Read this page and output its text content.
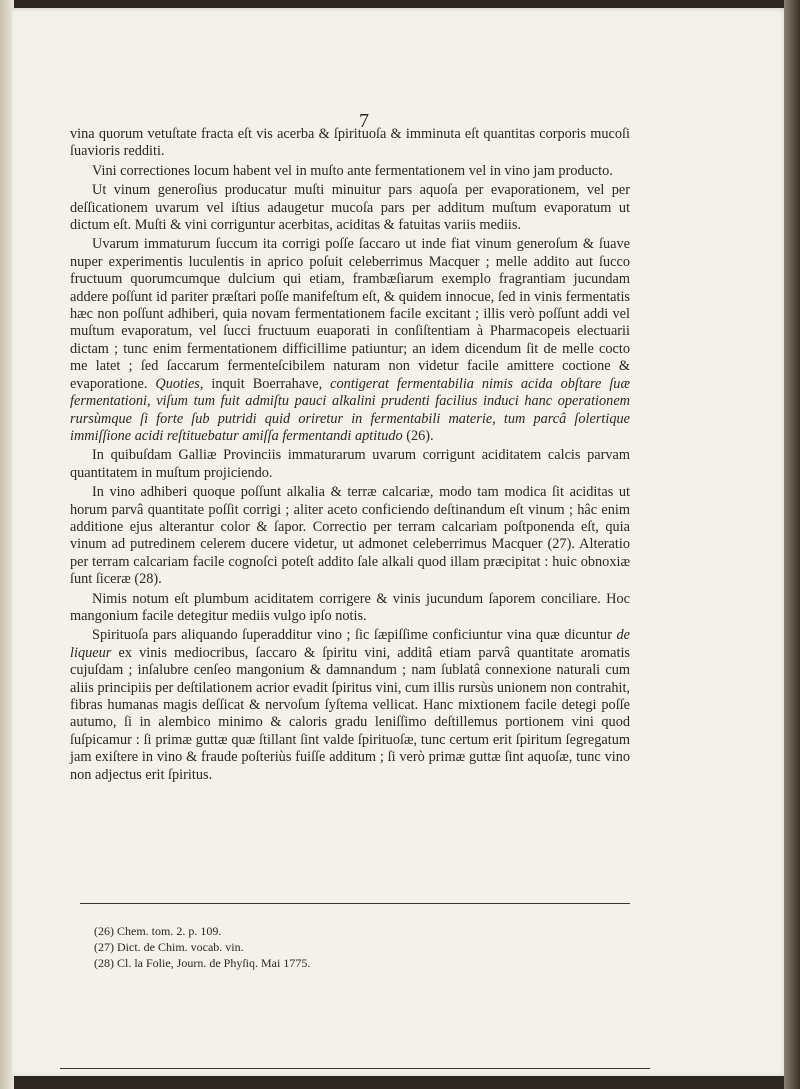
7

vina quorum vetuſtate fracta eſt vis acerba & ſpirituoſa & imminuta eſt quantitas corporis mucoſi ſuavioris redditi.

Vini correctiones locum habent vel in muſto ante fermentationem vel in vino jam producto.

Ut vinum generoſius producatur muſti minuitur pars aquoſa per evaporationem, vel per deſſicationem uvarum vel iſtius adaugetur mucoſa pars per additum muſtum evaporatum ut dictum eſt. Muſti & vini corriguntur acerbitas, aciditas & fatuitas variis mediis.

Uvarum immaturum ſuccum ita corrigi poſſe ſaccaro ut inde fiat vinum generoſum & ſuave nuper experimentis luculentis in aprico poſuit celeberrimus Macquer ; melle addito aut ſucco fructuum quorumcumque dulcium qui etiam, frambæſiarum exemplo fragrantiam jucundam addere poſſunt id pariter præſtari poſſe manifeſtum eſt, & quidem innocue, ſed in vinis fermentatis hæc non poſſunt adhiberi, quia novam fermentationem facile excitant ; illis verò poſſunt addi vel muſtum evaporatum, vel ſucci fructuum euaporati in conſiſtentiam à Pharmacopeis electuarii dictam ; tunc enim fermentationem difficillime patiuntur; an idem dicendum ſit de melle cocto me latet ; ſed ſaccarum fermenteſcibilem naturam non videtur facile amittere coctione & evaporatione. Quoties, inquit Boerrahave, contigerat fermentabilia nimis acida obſtare ſuæ fermentationi, viſum tum fuit admiſtu pauci alkalini prudenti facilius induci hanc operationem rursùmque ſi forte ſub putridi quid oriretur in fermentabili materie, tum parcâ ſolertique immiſſione acidi reſtituebatur amiſſa fermentandi aptitudo (26).

In quibuſdam Galliæ Provinciis immaturarum uvarum corrigunt aciditatem calcis parvam quantitatem in muſtum projiciendo.

In vino adhiberi quoque poſſunt alkalia & terræ calcariæ, modo tam modica ſit aciditas ut horum parvâ quantitate poſſit corrigi ; aliter aceto conficiendo deſtinandum eſt vinum ; hâc enim additione ejus alterantur color & ſapor. Correctio per terram calcariam poſtponenda eſt, quia vinum ad putredinem celerem ducere videtur, ut admonet celeberrimus Macquer (27). Alteratio per terram calcariam facile cognoſci poteſt addito ſale alkali quod illam præcipitat : huic obnoxiæ ſunt ſiceræ (28).

Nimis notum eſt plumbum aciditatem corrigere & vinis jucundum ſaporem conciliare. Hoc mangonium facile detegitur mediis vulgo ipſo notis.

Spirituoſa pars aliquando ſuperadditur vino ; ſic ſæpiſſime conficiuntur vina quæ dicuntur de liqueur ex vinis mediocribus, ſaccaro & ſpiritu vini, additâ etiam parvâ quantitate aromatis cujuſdam ; inſalubre cenſeo mangonium & damnandum ; nam ſublatâ connexione naturali cum aliis principiis per deſtilationem acrior evadit ſpiritus vini, cum illis rursùs unionem non contrahit, fibras humanas magis deſſicat & nervoſum ſyſtema vellicat. Hanc mixtionem facile detegi poſſe autumo, ſi in alembico minimo & caloris gradu leniſſimo deſtillemus portionem vini quod ſuſpicamur : ſi primæ guttæ quæ ſtillant ſint valde ſpirituoſæ, tunc certum erit ſpiritum ſegregatum jam exiſtere in vino & fraude poſteriùs fuiſſe additum ; ſi verò primæ guttæ ſint aquoſæ, tunc vino non adjectus erit ſpiritus.

(26) Chem. tom. 2. p. 109.
(27) Dict. de Chim. vocab. vin.
(28) Cl. la Folie, Journ. de Phyſiq. Mai 1775.
